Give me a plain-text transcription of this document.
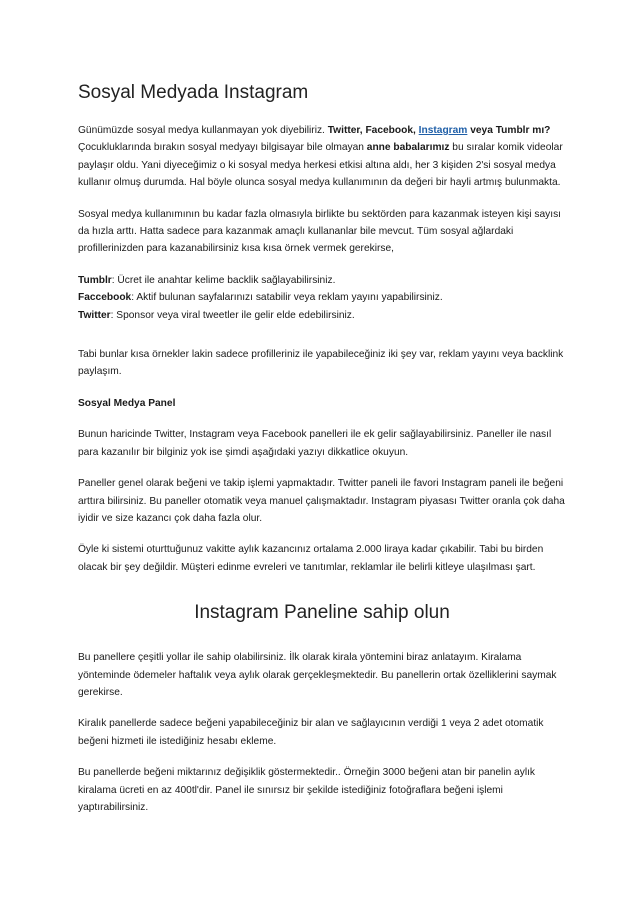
Sosyal Medyada Instagram

Günümüzde sosyal medya kullanmayan yok diyebiliriz. Twitter, Facebook, Instagram veya Tumblr mı? Çocukluklarında bırakın sosyal medyayı bilgisayar bile olmayan anne babalarımız bu sıralar komik videolar paylaşır oldu. Yani diyeceğimiz o ki sosyal medya herkesi etkisi altına aldı, her 3 kişiden 2'si sosyal medya kullanır olmuş durumda. Hal böyle olunca sosyal medya kullanımının da değeri bir hayli artmış bulunmakta.

Sosyal medya kullanımının bu kadar fazla olmasıyla birlikte bu sektörden para kazanmak isteyen kişi sayısı da hızla arttı. Hatta sadece para kazanmak amaçlı kullananlar bile mevcut. Tüm sosyal ağlardaki profillerinizden para kazanabilirsiniz kısa kısa örnek vermek gerekirse,

Tumblr: Ücret ile anahtar kelime backlik sağlayabilirsiniz.

Faccebook: Aktif bulunan sayfalarınızı satabilir veya reklam yayını yapabilirsiniz.

Twitter: Sponsor veya viral tweetler ile gelir elde edebilirsiniz.

Tabi bunlar kısa örnekler lakin sadece profilleriniz ile yapabileceğiniz iki şey var, reklam yayını veya backlink paylaşım.

Sosyal Medya Panel

Bunun haricinde Twitter, Instagram veya Facebook panelleri ile ek gelir sağlayabilirsiniz. Paneller ile nasıl para kazanılır bir bilginiz yok ise şimdi aşağıdaki yazıyı dikkatlice okuyun.

Paneller genel olarak beğeni ve takip işlemi yapmaktadır. Twitter paneli ile favori Instagram paneli ile beğeni arttıra bilirsiniz. Bu paneller otomatik veya manuel çalışmaktadır. Instagram piyasası Twitter oranla çok daha iyidir ve size kazancı çok daha fazla olur.

Öyle ki sistemi oturttuğunuz vakitte aylık kazancınız ortalama 2.000 liraya kadar çıkabilir. Tabi bu birden olacak bir şey değildir. Müşteri edinme evreleri ve tanıtımlar, reklamlar ile belirli kitleye ulaşılması şart.

Instagram Paneline sahip olun

Bu panellere çeşitli yollar ile sahip olabilirsiniz. İlk olarak kirala yöntemini biraz anlatayım. Kiralama yönteminde ödemeler haftalık veya aylık olarak gerçekleşmektedir. Bu panellerin ortak özelliklerini saymak gerekirse.

Kiralık panellerde sadece beğeni yapabileceğiniz bir alan ve sağlayıcının verdiği 1 veya 2 adet otomatik beğeni hizmeti ile istediğiniz hesabı ekleme.

Bu panellerde beğeni miktarınız değişiklik göstermektedir.. Örneğin 3000 beğeni atan bir panelin aylık kiralama ücreti en az 400tl'dir. Panel ile sınırsız bir şekilde istediğiniz fotoğraflara beğeni işlemi yaptırabilirsiniz.
